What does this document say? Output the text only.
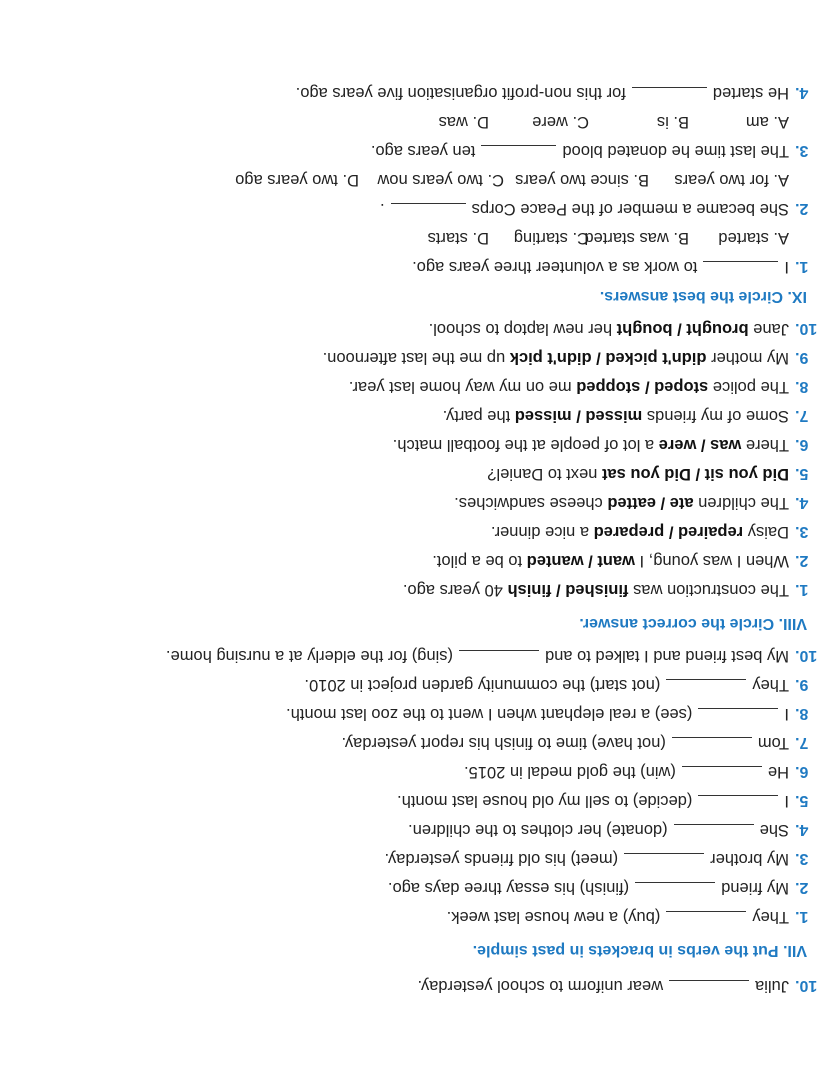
10.Juliawear uniform to school yesterday.
VII. Put the verbs in brackets in past simple.
1.They(buy) a new house last week.
2.My friend(finish) his essay three days ago.
3.My brother(meet) his old friends yesterday.
4.She(donate) her clothes to the children.
5.I(decide) to sell my old house last month.
6.He(win) the gold medal in 2015.
7.Tom(not have) time to finish his report yesterday.
8.I(see) a real elephant when I went to the zoo last month.
9.They(not start) the community garden project in 2010.
10.My best friend and I talked to and(sing) for the elderly at a nursing home.
VIII. Circle the correct answer.
1.The construction was finished / finish 40 years ago.
2.When I was young, I want / wanted to be a pilot.
3.Daisy repaired / prepared a nice dinner.
4.The children ate / eatted cheese sandwiches.
5.Did you sit / Did you sat next to Daniel?
6.There was / were a lot of people at the football match.
7.Some of my friends missed / missed the party.
8.The police stoped / stopped me on my way home last year.
9.My mother didn't picked / didn't pick up me the last afternoon.
10.Jane brought / bought her new laptop to school.
IX. Circle the best answers.
1.Ito work as a volunteer three years ago.
A. startedB. was startedC. startingD. starts
2.She became a member of the Peace Corps.
A. for two yearsB. since two yearsC. two years nowD. two years ago
3.The last time he donated bloodten years ago.
A. amB. isC. wereD. was
4.He startedfor this non-profit organisation five years ago.
